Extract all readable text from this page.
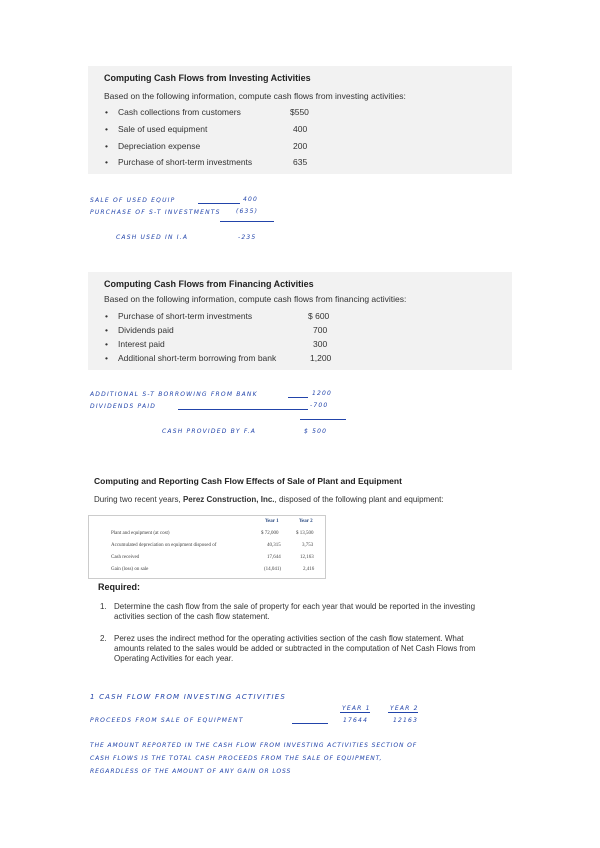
Computing Cash Flows from Investing Activities
Based on the following information, compute cash flows from investing activities:
• Cash collections from customers	$550
• Sale of used equipment	400
• Depreciation expense	200
• Purchase of short-term investments	635
SALE OF USED EQUIP	400
PURCHASE OF S-T INVESTMENTS	(635)
CASH USED IN I.A	-235
Computing Cash Flows from Financing Activities
Based on the following information, compute cash flows from financing activities:
• Purchase of short-term investments	$ 600
• Dividends paid	700
• Interest paid	300
• Additional short-term borrowing from bank	1,200
ADDITIONAL S-T BORROWING FROM BANK	1200
DIVIDENDS PAID	-700
CASH PROVIDED BY F.A	$ 500
Computing and Reporting Cash Flow Effects of Sale of Plant and Equipment
During two recent years, Perez Construction, Inc., disposed of the following plant and equipment:
Year 1	Year 2
Plant and equipment (at cost)	$ 72,000	$ 13,500
Accumulated depreciation on equipment disposed of	40,315	3,753
Cash received	17,644	12,163
Gain (loss) on sale	(14,041)	2,416
Required:
1. Determine the cash flow from the sale of property for each year that would be reported in the investing activities section of the cash flow statement.
2. Perez uses the indirect method for the operating activities section of the cash flow statement. What amounts related to the sales would be added or subtracted in the computation of Net Cash Flows from Operating Activities for each year.
1 CASH FLOW FROM INVESTING ACTIVITIES
YEAR 1	YEAR 2
PROCEEDS FROM SALE OF EQUIPMENT	17644	12163
THE AMOUNT REPORTED IN THE CASH FLOW FROM INVESTING ACTIVITIES SECTION OF
CASH FLOWS IS THE TOTAL CASH PROCEEDS FROM THE SALE OF EQUIPMENT,
REGARDLESS OF THE AMOUNT OF ANY GAIN OR LOSS
